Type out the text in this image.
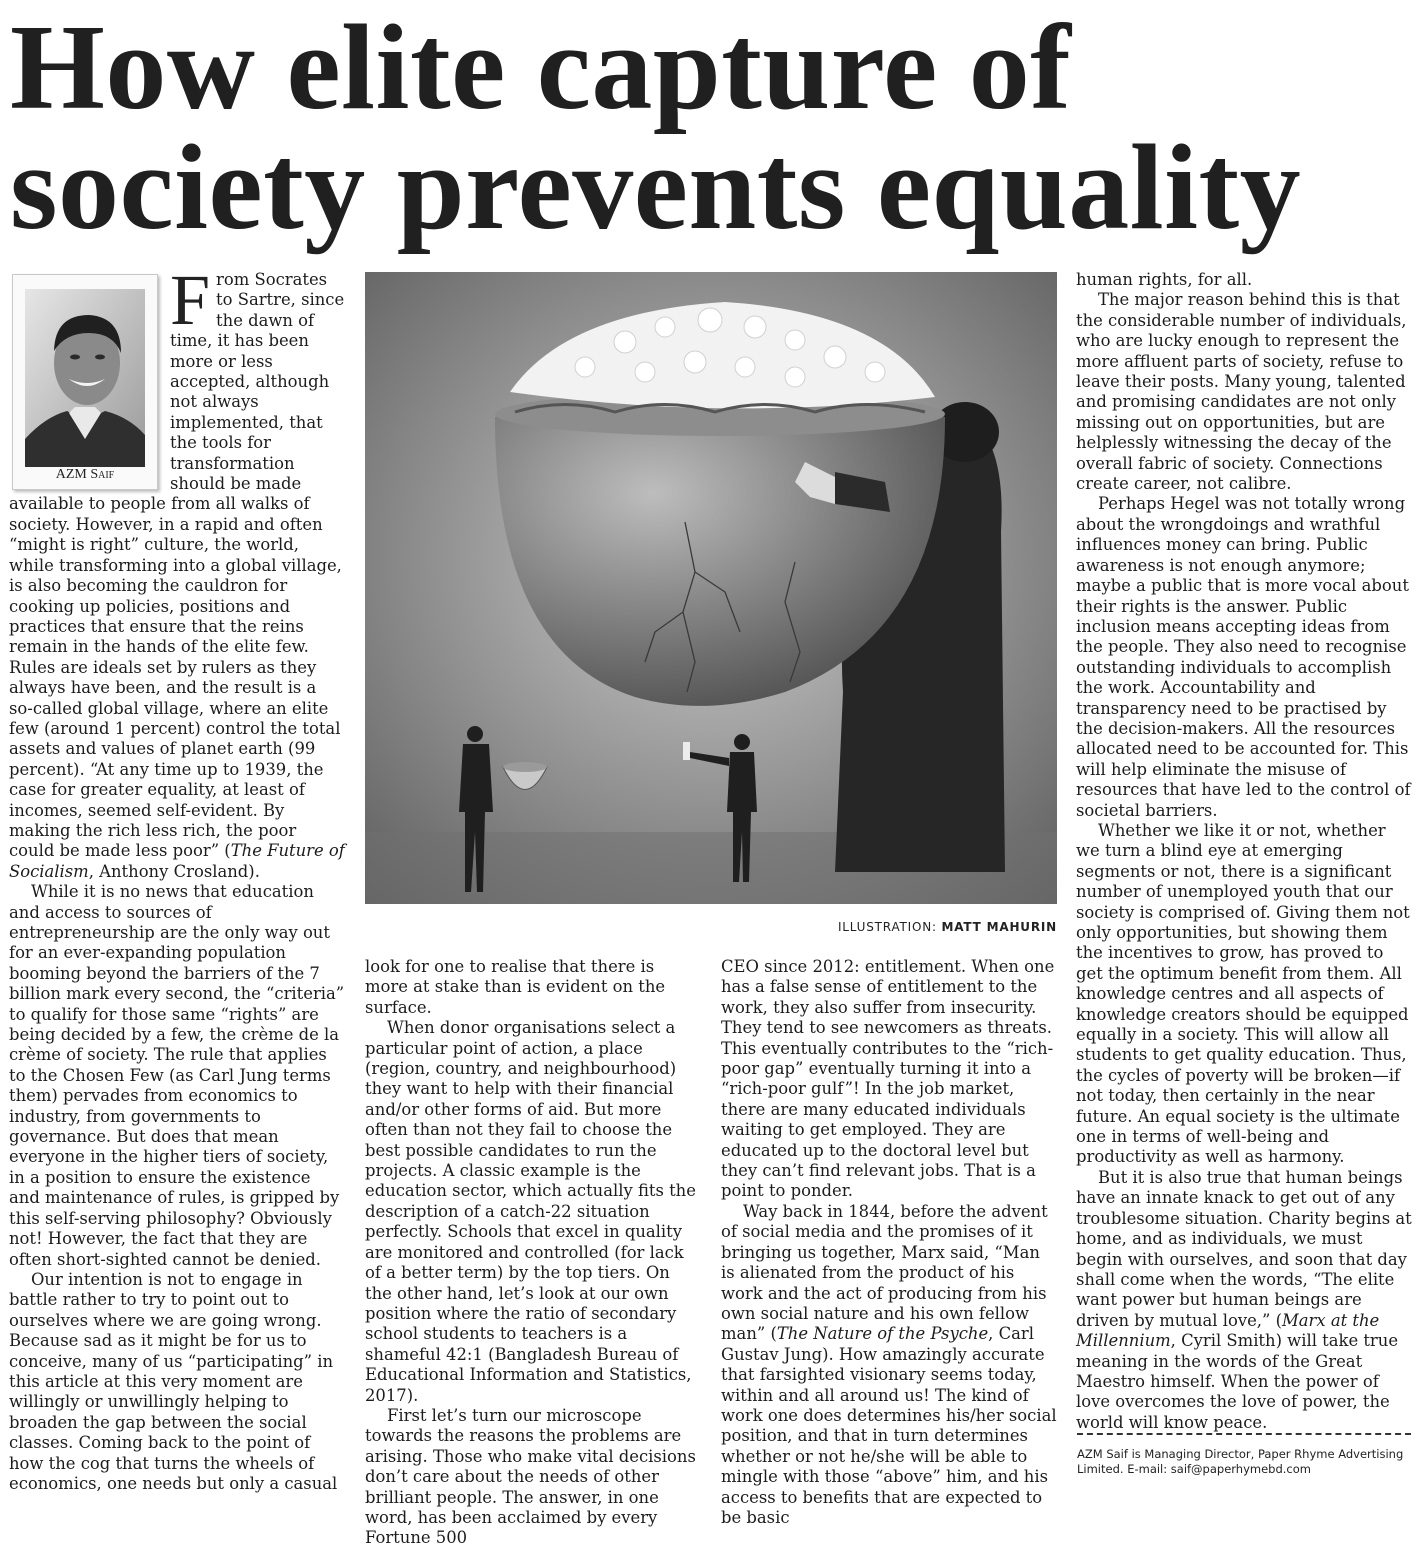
How elite capture of society prevents equality
AZM Saif

From Socrates to Sartre, since the dawn of time, it has been more or less accepted, although not always implemented, that the tools for transformation should be made available to people from all walks of society. However, in a rapid and often “might is right” culture, the world, while transforming into a global village, is also becoming the cauldron for cooking up policies, positions and practices that ensure that the reins remain in the hands of the elite few. Rules are ideals set by rulers as they always have been, and the result is a so-called global village, where an elite few (around 1 percent) control the total assets and values of planet earth (99 percent). “At any time up to 1939, the case for greater equality, at least of incomes, seemed self-evident. By making the rich less rich, the poor could be made less poor” (The Future of Socialism, Anthony Crosland).

While it is no news that education and access to sources of entrepreneurship are the only way out for an ever-expanding population booming beyond the barriers of the 7 billion mark every second, the “criteria” to qualify for those same “rights” are being decided by a few, the crème de la crème of society. The rule that applies to the Chosen Few (as Carl Jung terms them) pervades from economics to industry, from governments to governance. But does that mean everyone in the higher tiers of society, in a position to ensure the existence and maintenance of rules, is gripped by this self-serving philosophy? Obviously not! However, the fact that they are often short-sighted cannot be denied.

Our intention is not to engage in battle rather to try to point out to ourselves where we are going wrong. Because sad as it might be for us to conceive, many of us “participating” in this article at this very moment are willingly or unwillingly helping to broaden the gap between the social classes. Coming back to the point of how the cog that turns the wheels of economics, one needs but only a casual

ILLUSTRATION: MATT MAHURIN

look for one to realise that there is more at stake than is evident on the surface.

When donor organisations select a particular point of action, a place (region, country, and neighbourhood) they want to help with their financial and/or other forms of aid. But more often than not they fail to choose the best possible candidates to run the projects. A classic example is the education sector, which actually fits the description of a catch-22 situation perfectly. Schools that excel in quality are monitored and controlled (for lack of a better term) by the top tiers. On the other hand, let’s look at our own position where the ratio of secondary school students to teachers is a shameful 42:1 (Bangladesh Bureau of Educational Information and Statistics, 2017).

First let’s turn our microscope towards the reasons the problems are arising. Those who make vital decisions don’t care about the needs of other brilliant people. The answer, in one word, has been acclaimed by every Fortune 500

CEO since 2012: entitlement. When one has a false sense of entitlement to the work, they also suffer from insecurity. They tend to see newcomers as threats. This eventually contributes to the “rich-poor gap” eventually turning it into a “rich-poor gulf”! In the job market, there are many educated individuals waiting to get employed. They are educated up to the doctoral level but they can’t find relevant jobs. That is a point to ponder.

Way back in 1844, before the advent of social media and the promises of it bringing us together, Marx said, “Man is alienated from the product of his work and the act of producing from his own social nature and his own fellow man” (The Nature of the Psyche, Carl Gustav Jung). How amazingly accurate that farsighted visionary seems today, within and all around us! The kind of work one does determines his/her social position, and that in turn determines whether or not he/she will be able to mingle with those “above” him, and his access to benefits that are expected to be basic

human rights, for all.

The major reason behind this is that the considerable number of individuals, who are lucky enough to represent the more affluent parts of society, refuse to leave their posts. Many young, talented and promising candidates are not only missing out on opportunities, but are helplessly witnessing the decay of the overall fabric of society. Connections create career, not calibre.

Perhaps Hegel was not totally wrong about the wrongdoings and wrathful influences money can bring. Public awareness is not enough anymore; maybe a public that is more vocal about their rights is the answer. Public inclusion means accepting ideas from the people. They also need to recognise outstanding individuals to accomplish the work. Accountability and transparency need to be practised by the decision-makers. All the resources allocated need to be accounted for. This will help eliminate the misuse of resources that have led to the control of societal barriers.

Whether we like it or not, whether we turn a blind eye at emerging segments or not, there is a significant number of unemployed youth that our society is comprised of. Giving them not only opportunities, but showing them the incentives to grow, has proved to get the optimum benefit from them. All knowledge centres and all aspects of knowledge creators should be equipped equally in a society. This will allow all students to get quality education. Thus, the cycles of poverty will be broken—if not today, then certainly in the near future. An equal society is the ultimate one in terms of well-being and productivity as well as harmony.

But it is also true that human beings have an innate knack to get out of any troublesome situation. Charity begins at home, and as individuals, we must begin with ourselves, and soon that day shall come when the words, “The elite want power but human beings are driven by mutual love,” (Marx at the Millennium, Cyril Smith) will take true meaning in the words of the Great Maestro himself. When the power of love overcomes the love of power, the world will know peace.

AZM Saif is Managing Director, Paper Rhyme Advertising Limited. E-mail: saif@paperhymebd.com
